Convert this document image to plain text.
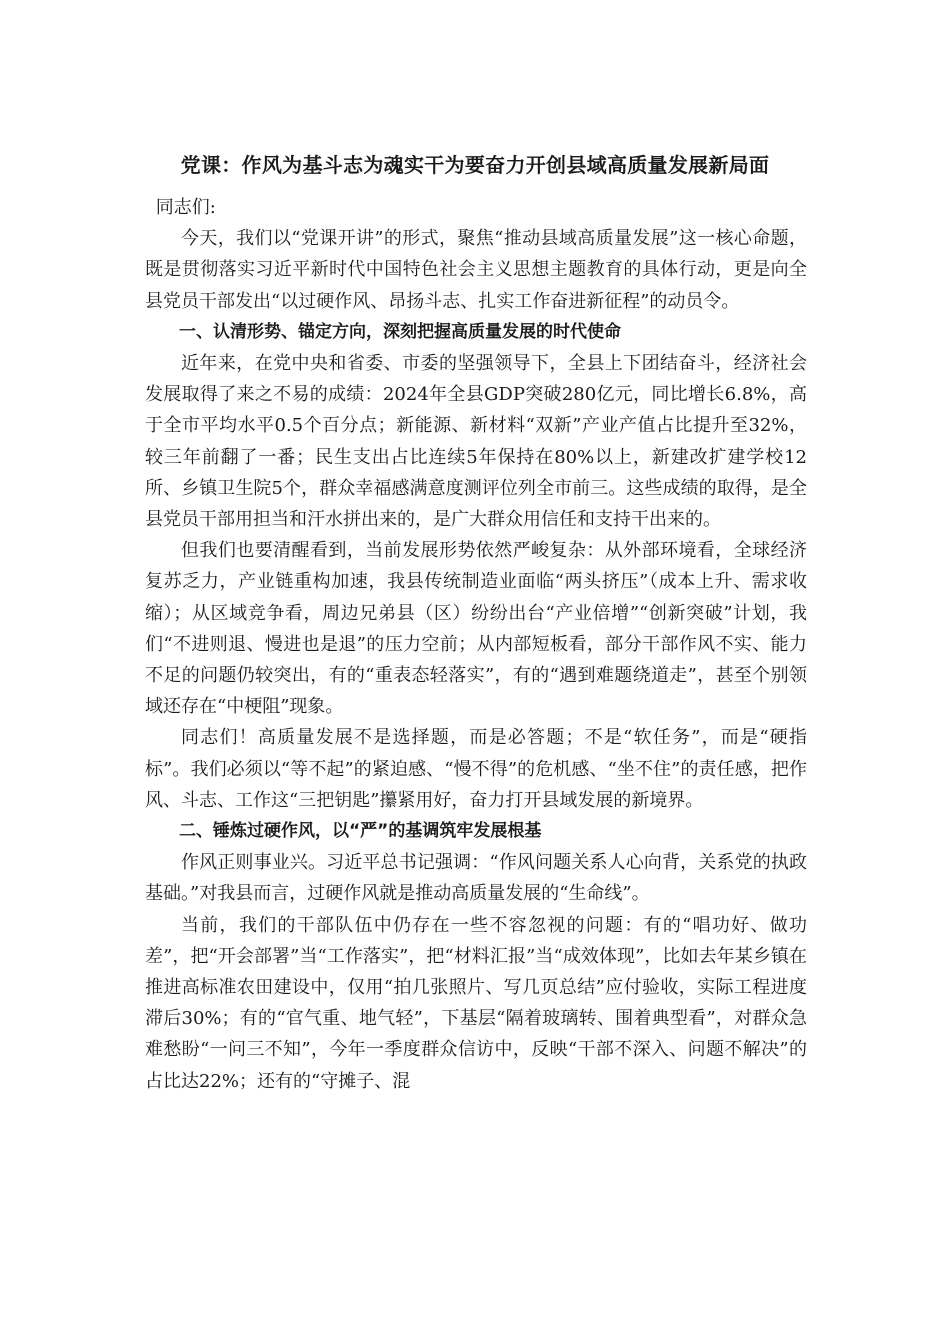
党课：作风为基斗志为魂实干为要奋力开创县域高质量发展新局面

同志们:

今天，我们以“党课开讲”的形式，聚焦“推动县域高质量发展”这一核心命题，既是贯彻落实习近平新时代中国特色社会主义思想主题教育的具体行动，更是向全县党员干部发出“以过硬作风、昂扬斗志、扎实工作奋进新征程”的动员令。

一、认清形势、锚定方向，深刻把握高质量发展的时代使命

近年来，在党中央和省委、市委的坚强领导下，全县上下团结奋斗，经济社会发展取得了来之不易的成绩：2024年全县GDP突破280亿元，同比增长6.8%，高于全市平均水平0.5个百分点；新能源、新材料“双新”产业产值占比提升至32%，较三年前翻了一番；民生支出占比连续5年保持在80%以上，新建改扩建学校12所、乡镇卫生院5个，群众幸福感满意度测评位列全市前三。这些成绩的取得，是全县党员干部用担当和汗水拼出来的，是广大群众用信任和支持干出来的。

但我们也要清醒看到，当前发展形势依然严峻复杂：从外部环境看，全球经济复苏乏力，产业链重构加速，我县传统制造业面临“两头挤压”（成本上升、需求收缩）；从区域竞争看，周边兄弟县（区）纷纷出台“产业倍增”“创新突破”计划，我们“不进则退、慢进也是退”的压力空前；从内部短板看，部分干部作风不实、能力不足的问题仍较突出，有的“重表态轻落实”，有的“遇到难题绕道走”，甚至个别领域还存在“中梗阻”现象。

同志们！高质量发展不是选择题，而是必答题；不是“软任务”，而是“硬指标”。我们必须以“等不起”的紧迫感、“慢不得”的危机感、“坐不住”的责任感，把作风、斗志、工作这“三把钥匙”攥紧用好，奋力打开县域发展的新境界。

二、锤炼过硬作风，以“严”的基调筑牢发展根基

作风正则事业兴。习近平总书记强调：“作风问题关系人心向背，关系党的执政基础。”对我县而言，过硬作风就是推动高质量发展的“生命线”。

当前，我们的干部队伍中仍存在一些不容忽视的问题：有的“唱功好、做功差”，把“开会部署”当“工作落实”，把“材料汇报”当“成效体现”，比如去年某乡镇在推进高标准农田建设中，仅用“拍几张照片、写几页总结”应付验收，实际工程进度滞后30%；有的“官气重、地气轻”，下基层“隔着玻璃转、围着典型看”，对群众急难愁盼“一问三不知”，今年一季度群众信访中，反映“干部不深入、问题不解决”的占比达22%；还有的“守摊子、混
